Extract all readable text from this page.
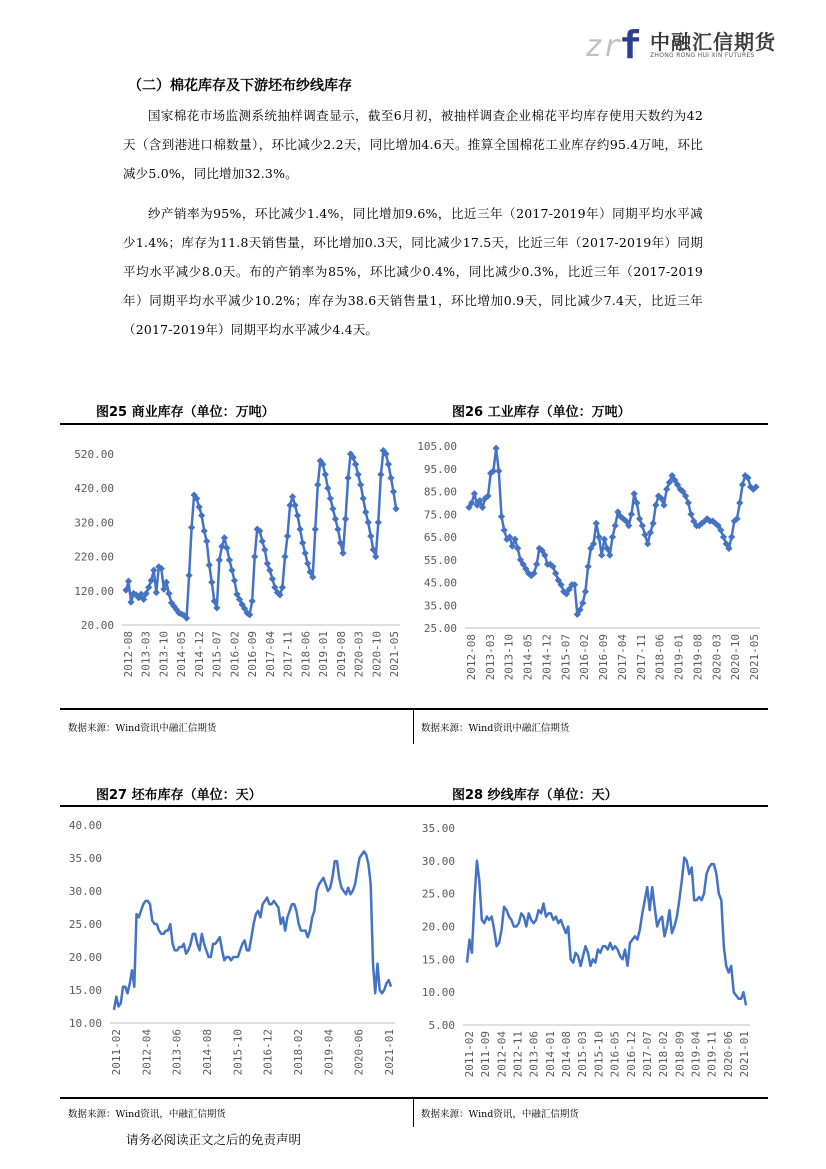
zr
f 中融汇信期货
ZHONG RONG HUI XIN FUTURES
（二）棉花库存及下游坯布纱线库存

国家棉花市场监测系统抽样调查显示，截至6月初，被抽样调查企业棉花平均库存使用天数约为42天（含到港进口棉数量），环比减少2.2天，同比增加4.6天。推算全国棉花工业库存约95.4万吨，环比减少5.0%，同比增加32.3%。

纱产销率为95%，环比减少1.4%，同比增加9.6%，比近三年（2017-2019年）同期平均水平减少1.4%；库存为11.8天销售量，环比增加0.3天，同比减少17.5天，比近三年（2017-2019年）同期平均水平减少8.0天。布的产销率为85%，环比减少0.4%，同比减少0.3%，比近三年（2017-2019年）同期平均水平减少10.2%；库存为38.6天销售量1，环比增加0.9天，同比减少7.4天，比近三年（2017-2019年）同期平均水平减少4.4天。

图25 商业库存（单位：万吨）	图26 工业库存（单位：万吨）
图27 坯布库存（单位：天）	图28 纱线库存（单位：天）
520.00
420.00
320.00
220.00
120.00
20.00
2012-08 2013-03 2013-10 2014-05 2014-12 2015-07 2016-02 2016-09 2017-04 2017-11 2018-06 2019-01 2019-08 2020-03 2020-10 2021-05
105.00
95.00
85.00
75.00
65.00
55.00
45.00
35.00
25.00
2012-08 2013-03 2013-10 2014-05 2014-12 2015-07 2016-02 2016-09 2017-04 2017-11 2018-06 2019-01 2019-08 2020-03 2020-10 2021-05
40.00
35.00
30.00
25.00
20.00
15.00
10.00
2011-02 2012-04 2013-06 2014-08 2015-10 2016-12 2018-02 2019-04 2020-06 2021-01
35.00
30.00
25.00
20.00
15.00
10.00
5.00
2011-02 2011-09 2012-04 2012-11 2013-06 2014-01 2014-08 2015-03 2015-10 2016-05 2016-12 2017-07 2018-02 2018-09 2019-04 2019-11 2020-06 2021-01
数据来源：Wind资讯中融汇信期货	数据来源：Wind资讯中融汇信期货
数据来源：Wind资讯，中融汇信期货	数据来源：Wind资讯，中融汇信期货
请务必阅读正文之后的免责声明
